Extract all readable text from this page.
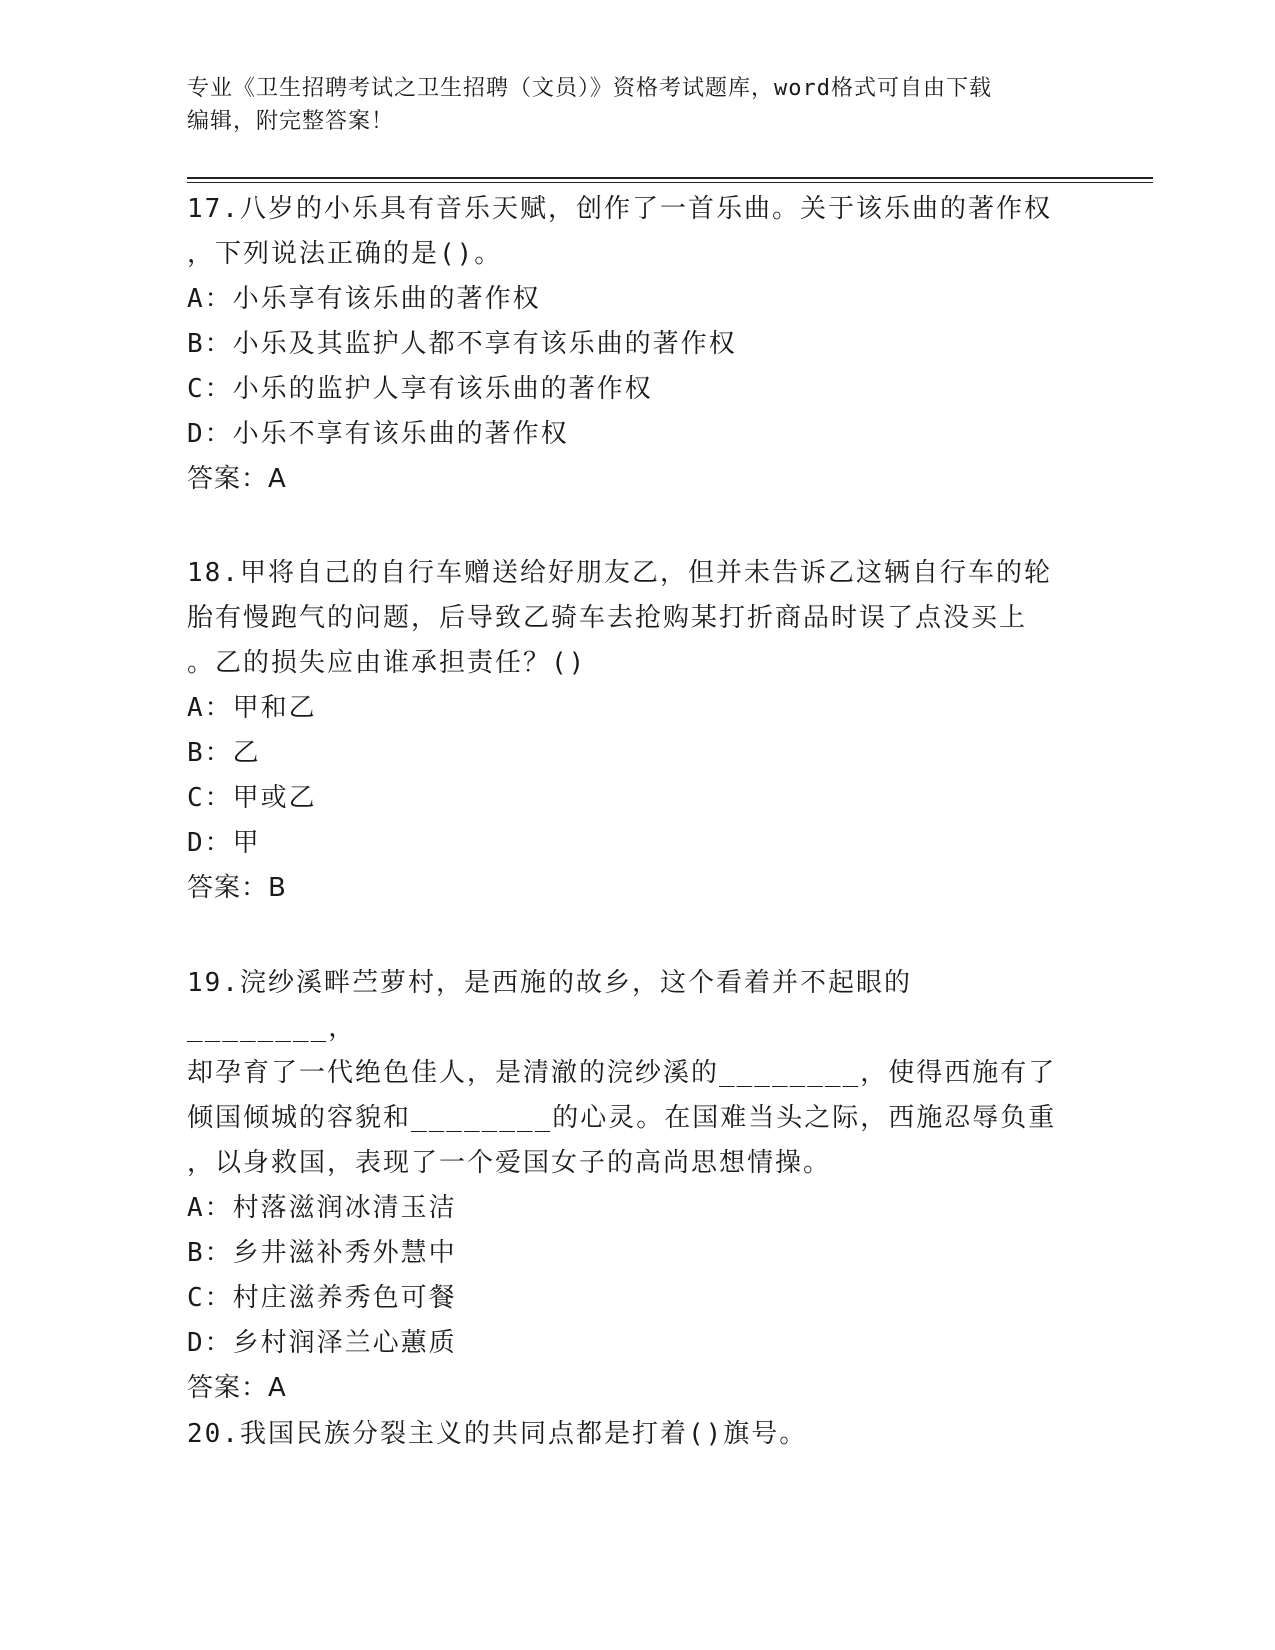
专业《卫生招聘考试之卫生招聘（文员）》资格考试题库，word格式可自由下载
编辑，附完整答案！
17.八岁的小乐具有音乐天赋，创作了一首乐曲。关于该乐曲的著作权
，下列说法正确的是()。
A：小乐享有该乐曲的著作权
B：小乐及其监护人都不享有该乐曲的著作权
C：小乐的监护人享有该乐曲的著作权
D：小乐不享有该乐曲的著作权
答案：A
18.甲将自己的自行车赠送给好朋友乙，但并未告诉乙这辆自行车的轮
胎有慢跑气的问题，后导致乙骑车去抢购某打折商品时误了点没买上
。乙的损失应由谁承担责任？()
A：甲和乙
B：乙
C：甲或乙
D：甲
答案：B
19.浣纱溪畔苎萝村，是西施的故乡，这个看着并不起眼的________，
却孕育了一代绝色佳人，是清澈的浣纱溪的________，使得西施有了
倾国倾城的容貌和________的心灵。在国难当头之际，西施忍辱负重
，以身救国，表现了一个爱国女子的高尚思想情操。
A：村落滋润冰清玉洁
B：乡井滋补秀外慧中
C：村庄滋养秀色可餐
D：乡村润泽兰心蕙质
答案：A
20.我国民族分裂主义的共同点都是打着()旗号。
